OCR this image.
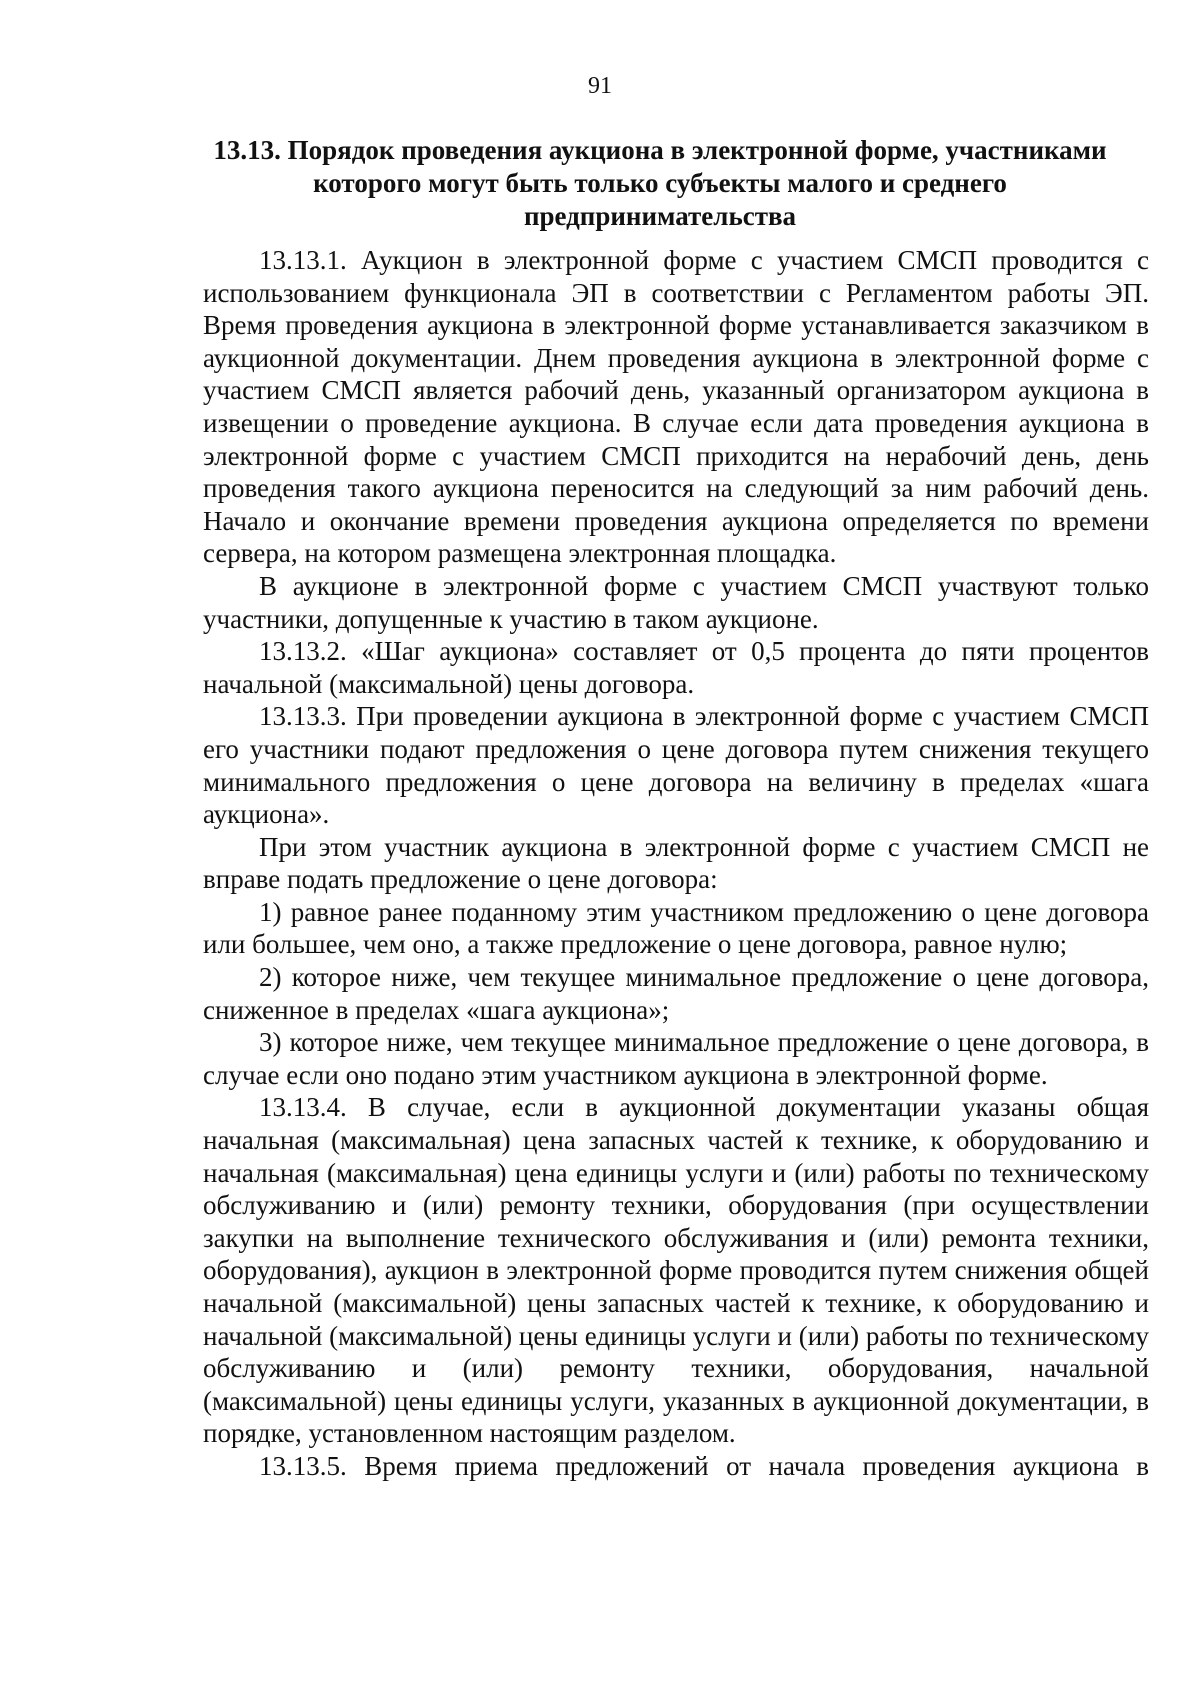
91
13.13. Порядок проведения аукциона в электронной форме, участниками
которого могут быть только субъекты малого и среднего
предпринимательства

13.13.1. Аукцион в электронной форме с участием СМСП проводится с использованием функционала ЭП в соответствии с Регламентом работы ЭП. Время проведения аукциона в электронной форме устанавливается заказчиком в аукционной документации. Днем проведения аукциона в электронной форме с участием СМСП является рабочий день, указанный организатором аукциона в извещении о проведение аукциона. В случае если дата проведения аукциона в электронной форме с участием СМСП приходится на нерабочий день, день проведения такого аукциона переносится на следующий за ним рабочий день. Начало и окончание времени проведения аукциона определяется по времени сервера, на котором размещена электронная площадка.

В аукционе в электронной форме с участием СМСП участвуют только участники, допущенные к участию в таком аукционе.

13.13.2. «Шаг аукциона» составляет от 0,5 процента до пяти процентов начальной (максимальной) цены договора.

13.13.3. При проведении аукциона в электронной форме с участием СМСП его участники подают предложения о цене договора путем снижения текущего минимального предложения о цене договора на величину в пределах «шага аукциона».

При этом участник аукциона в электронной форме с участием СМСП не вправе подать предложение о цене договора:

1) равное ранее поданному этим участником предложению о цене договора или большее, чем оно, а также предложение о цене договора, равное нулю;

2) которое ниже, чем текущее минимальное предложение о цене договора, сниженное в пределах «шага аукциона»;

3) которое ниже, чем текущее минимальное предложение о цене договора, в случае если оно подано этим участником аукциона в электронной форме.

13.13.4. В случае, если в аукционной документации указаны общая начальная (максимальная) цена запасных частей к технике, к оборудованию и начальная (максимальная) цена единицы услуги и (или) работы по техническому обслуживанию и (или) ремонту техники, оборудования (при осуществлении закупки на выполнение технического обслуживания и (или) ремонта техники, оборудования), аукцион в электронной форме проводится путем снижения общей начальной (максимальной) цены запасных частей к технике, к оборудованию и начальной (максимальной) цены единицы услуги и (или) работы по техническому обслуживанию и (или) ремонту техники, оборудования, начальной (максимальной) цены единицы услуги, указанных в аукционной документации, в порядке, установленном настоящим разделом.

13.13.5. Время приема предложений от начала проведения аукциона в
